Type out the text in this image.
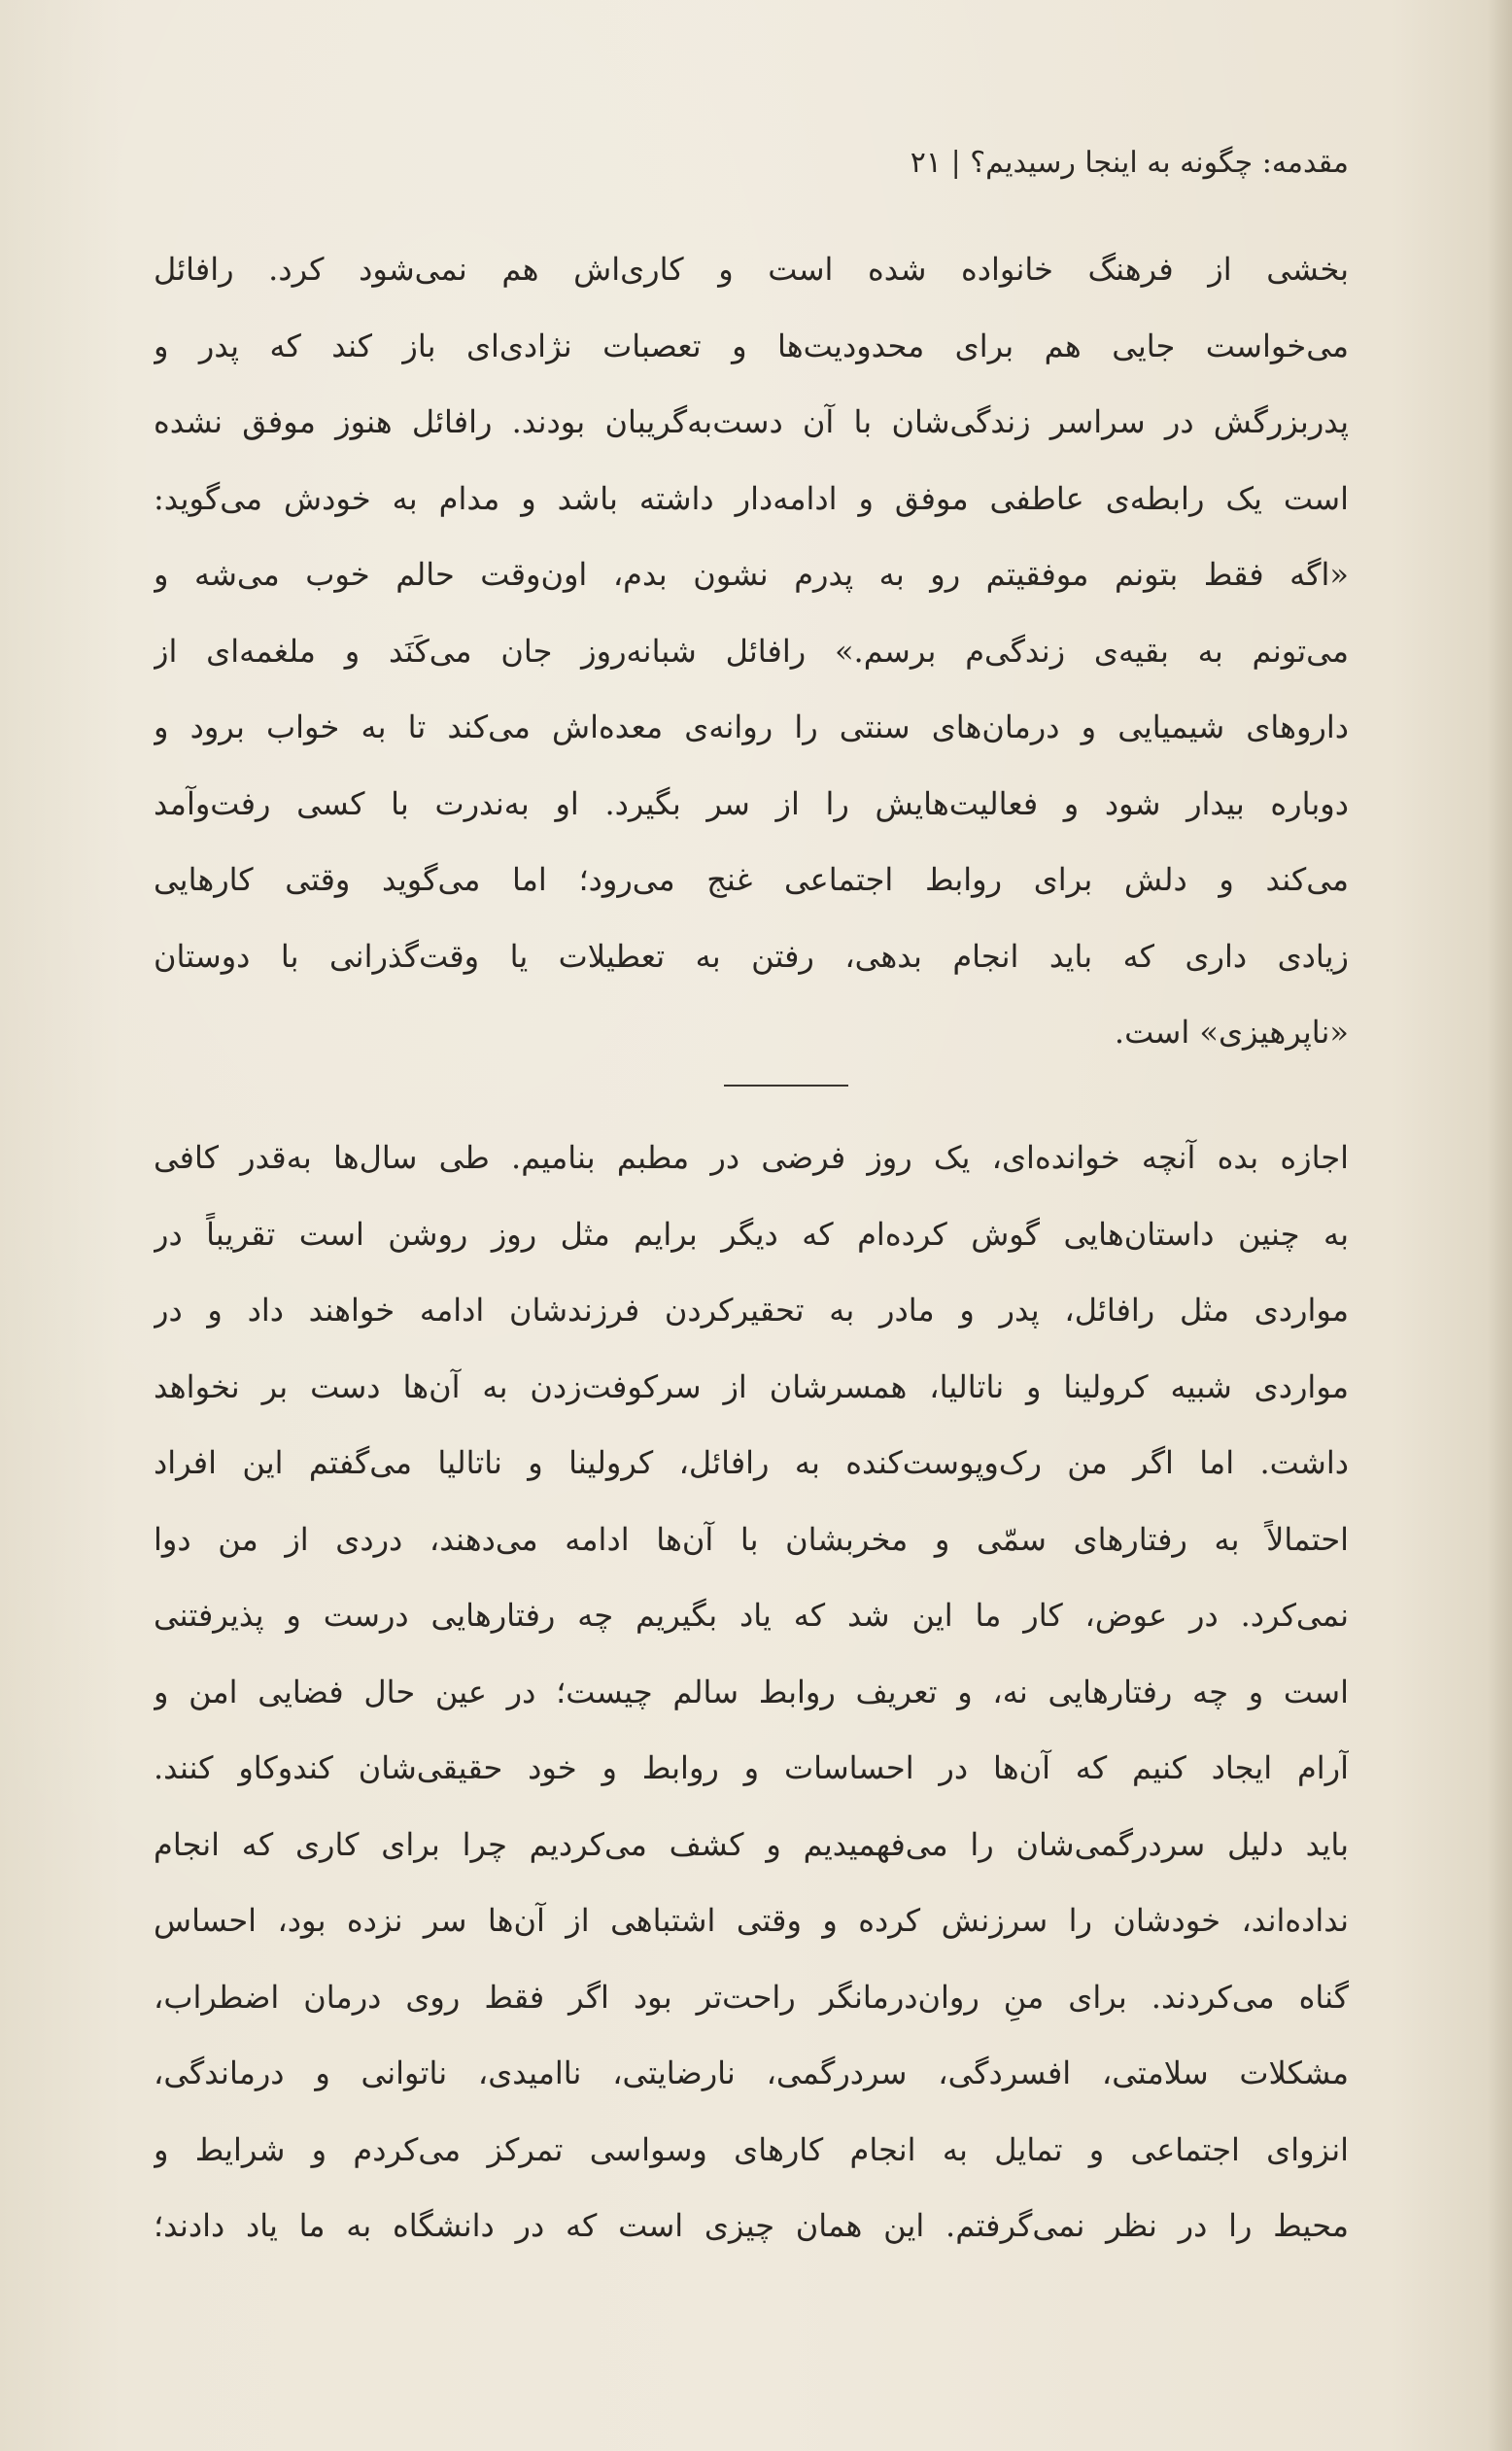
مقدمه: چگونه به اینجا رسیدیم؟ | ۲۱
بخشی از فرهنگ خانواده شده است و کاری‌اش هم نمی‌شود کرد. رافائل
می‌خواست جایی هم برای محدودیت‌ها و تعصبات نژادی‌ای باز کند که پدر و
پدربزرگش در سراسر زندگی‌شان با آن دست‌به‌گریبان بودند. رافائل هنوز موفق نشده
است یک رابطه‌ی عاطفی موفق و ادامه‌دار داشته باشد و مدام به خودش می‌گوید:
«اگه فقط بتونم موفقیتم رو به پدرم نشون بدم، اون‌وقت حالم خوب می‌شه و
می‌تونم به بقیه‌ی زندگی‌م برسم.» رافائل شبانه‌روز جان می‌کَنَد و ملغمه‌ای از
داروهای شیمیایی و درمان‌های سنتی را روانه‌ی معده‌اش می‌کند تا به خواب برود و
دوباره بیدار شود و فعالیت‌هایش را از سر بگیرد. او به‌ندرت با کسی رفت‌وآمد
می‌کند و دلش برای روابط اجتماعی غنج می‌رود؛ اما می‌گوید وقتی کارهایی
زیادی داری که باید انجام بدهی، رفتن به تعطیلات یا وقت‌گذرانی با دوستان
«ناپرهیزی» است.
اجازه بده آنچه خوانده‌ای، یک روز فرضی در مطبم بنامیم. طی سال‌ها به‌قدر کافی
به چنین داستان‌هایی گوش کرده‌ام که دیگر برایم مثل روز روشن است تقریباً در
مواردی مثل رافائل، پدر و مادر به تحقیرکردن فرزندشان ادامه خواهند داد و در
مواردی شبیه کرولینا و ناتالیا، همسرشان از سرکوفت‌زدن به آن‌ها دست بر نخواهد
داشت. اما اگر من رک‌وپوست‌کنده به رافائل، کرولینا و ناتالیا می‌گفتم این افراد
احتمالاً به رفتارهای سمّی و مخربشان با آن‌ها ادامه می‌دهند، دردی از من دوا
نمی‌کرد. در عوض، کار ما این شد که یاد بگیریم چه رفتارهایی درست و پذیرفتنی
است و چه رفتارهایی نه، و تعریف روابط سالم چیست؛ در عین حال فضایی امن و
آرام ایجاد کنیم که آن‌ها در احساسات و روابط و خود حقیقی‌شان کندوکاو کنند.
باید دلیل سردرگمی‌شان را می‌فهمیدیم و کشف می‌کردیم چرا برای کاری که انجام
نداده‌اند، خودشان را سرزنش کرده و وقتی اشتباهی از آن‌ها سر نزده بود، احساس
گناه می‌کردند. برای منِ روان‌درمانگر راحت‌تر بود اگر فقط روی درمان اضطراب،
مشکلات سلامتی، افسردگی، سردرگمی، نارضایتی، ناامیدی، ناتوانی و درماندگی،
انزوای اجتماعی و تمایل به انجام کارهای وسواسی تمرکز می‌کردم و شرایط و
محیط را در نظر نمی‌گرفتم. این همان چیزی است که در دانشگاه به ما یاد دادند؛
